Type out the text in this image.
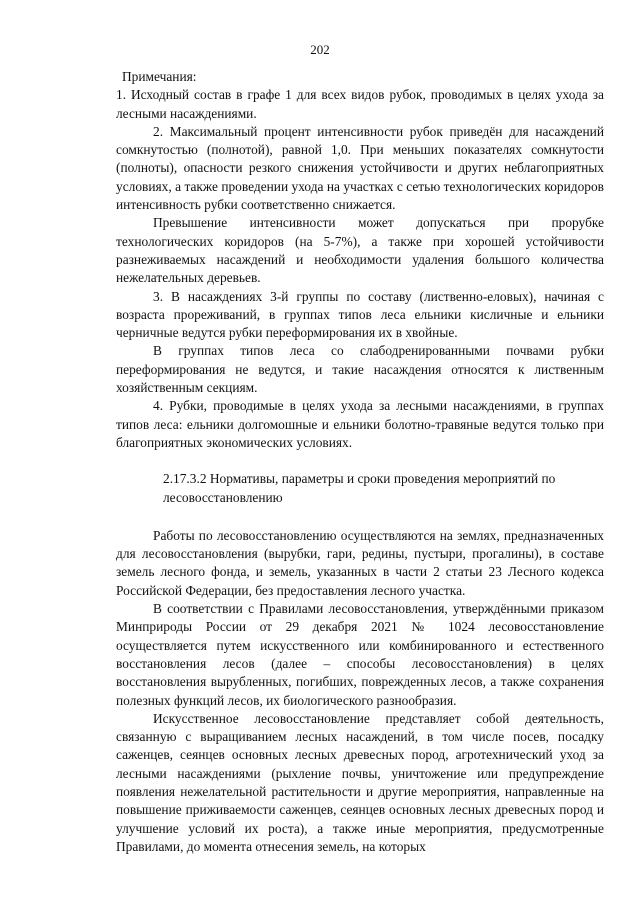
202

Примечания:

1. Исходный состав в графе 1 для всех видов рубок, проводимых в целях ухода за лесными насаждениями.

2. Максимальный процент интенсивности рубок приведён для насаждений сомкнутостью (полнотой), равной 1,0. При меньших показателях сомкнутости (полноты), опасности резкого снижения устойчивости и других неблагоприятных условиях, а также проведении ухода на участках с сетью технологических коридоров интенсивность рубки соответственно снижается.

Превышение интенсивности может допускаться при прорубке технологических коридоров (на 5-7%), а также при хорошей устойчивости разнеживаемых насаждений и необходимости удаления большого количества нежелательных деревьев.

3. В насаждениях 3-й группы по составу (лиственно-еловых), начиная с возраста прореживаний, в группах типов леса ельники кисличные и ельники черничные ведутся рубки переформирования их в хвойные.

В группах типов леса со слабодренированными почвами рубки переформирования не ведутся, и такие насаждения относятся к лиственным хозяйственным секциям.

4. Рубки, проводимые в целях ухода за лесными насаждениями, в группах типов леса: ельники долгомошные и ельники болотно-травяные ведутся только при благоприятных экономических условиях.

2.17.3.2 Нормативы, параметры и сроки проведения мероприятий по

лесовосстановлению

Работы по лесовосстановлению осуществляются на землях, предназначенных для лесовосстановления (вырубки, гари, редины, пустыри, прогалины), в составе земель лесного фонда, и земель, указанных в части 2 статьи 23 Лесного кодекса Российской Федерации, без предоставления лесного участка.

В соответствии с Правилами лесовосстановления, утверждёнными приказом Минприроды России от 29 декабря 2021 № 1024 лесовосстановление осуществляется путем искусственного или комбинированного и естественного восстановления лесов (далее – способы лесовосстановления) в целях восстановления вырубленных, погибших, поврежденных лесов, а также сохранения полезных функций лесов, их биологического разнообразия.

Искусственное лесовосстановление представляет собой деятельность, связанную с выращиванием лесных насаждений, в том числе посев, посадку саженцев, сеянцев основных лесных древесных пород, агротехнический уход за лесными насаждениями (рыхление почвы, уничтожение или предупреждение появления нежелательной растительности и другие мероприятия, направленные на повышение приживаемости саженцев, сеянцев основных лесных древесных пород и улучшение условий их роста), а также иные мероприятия, предусмотренные Правилами, до момента отнесения земель, на которых
